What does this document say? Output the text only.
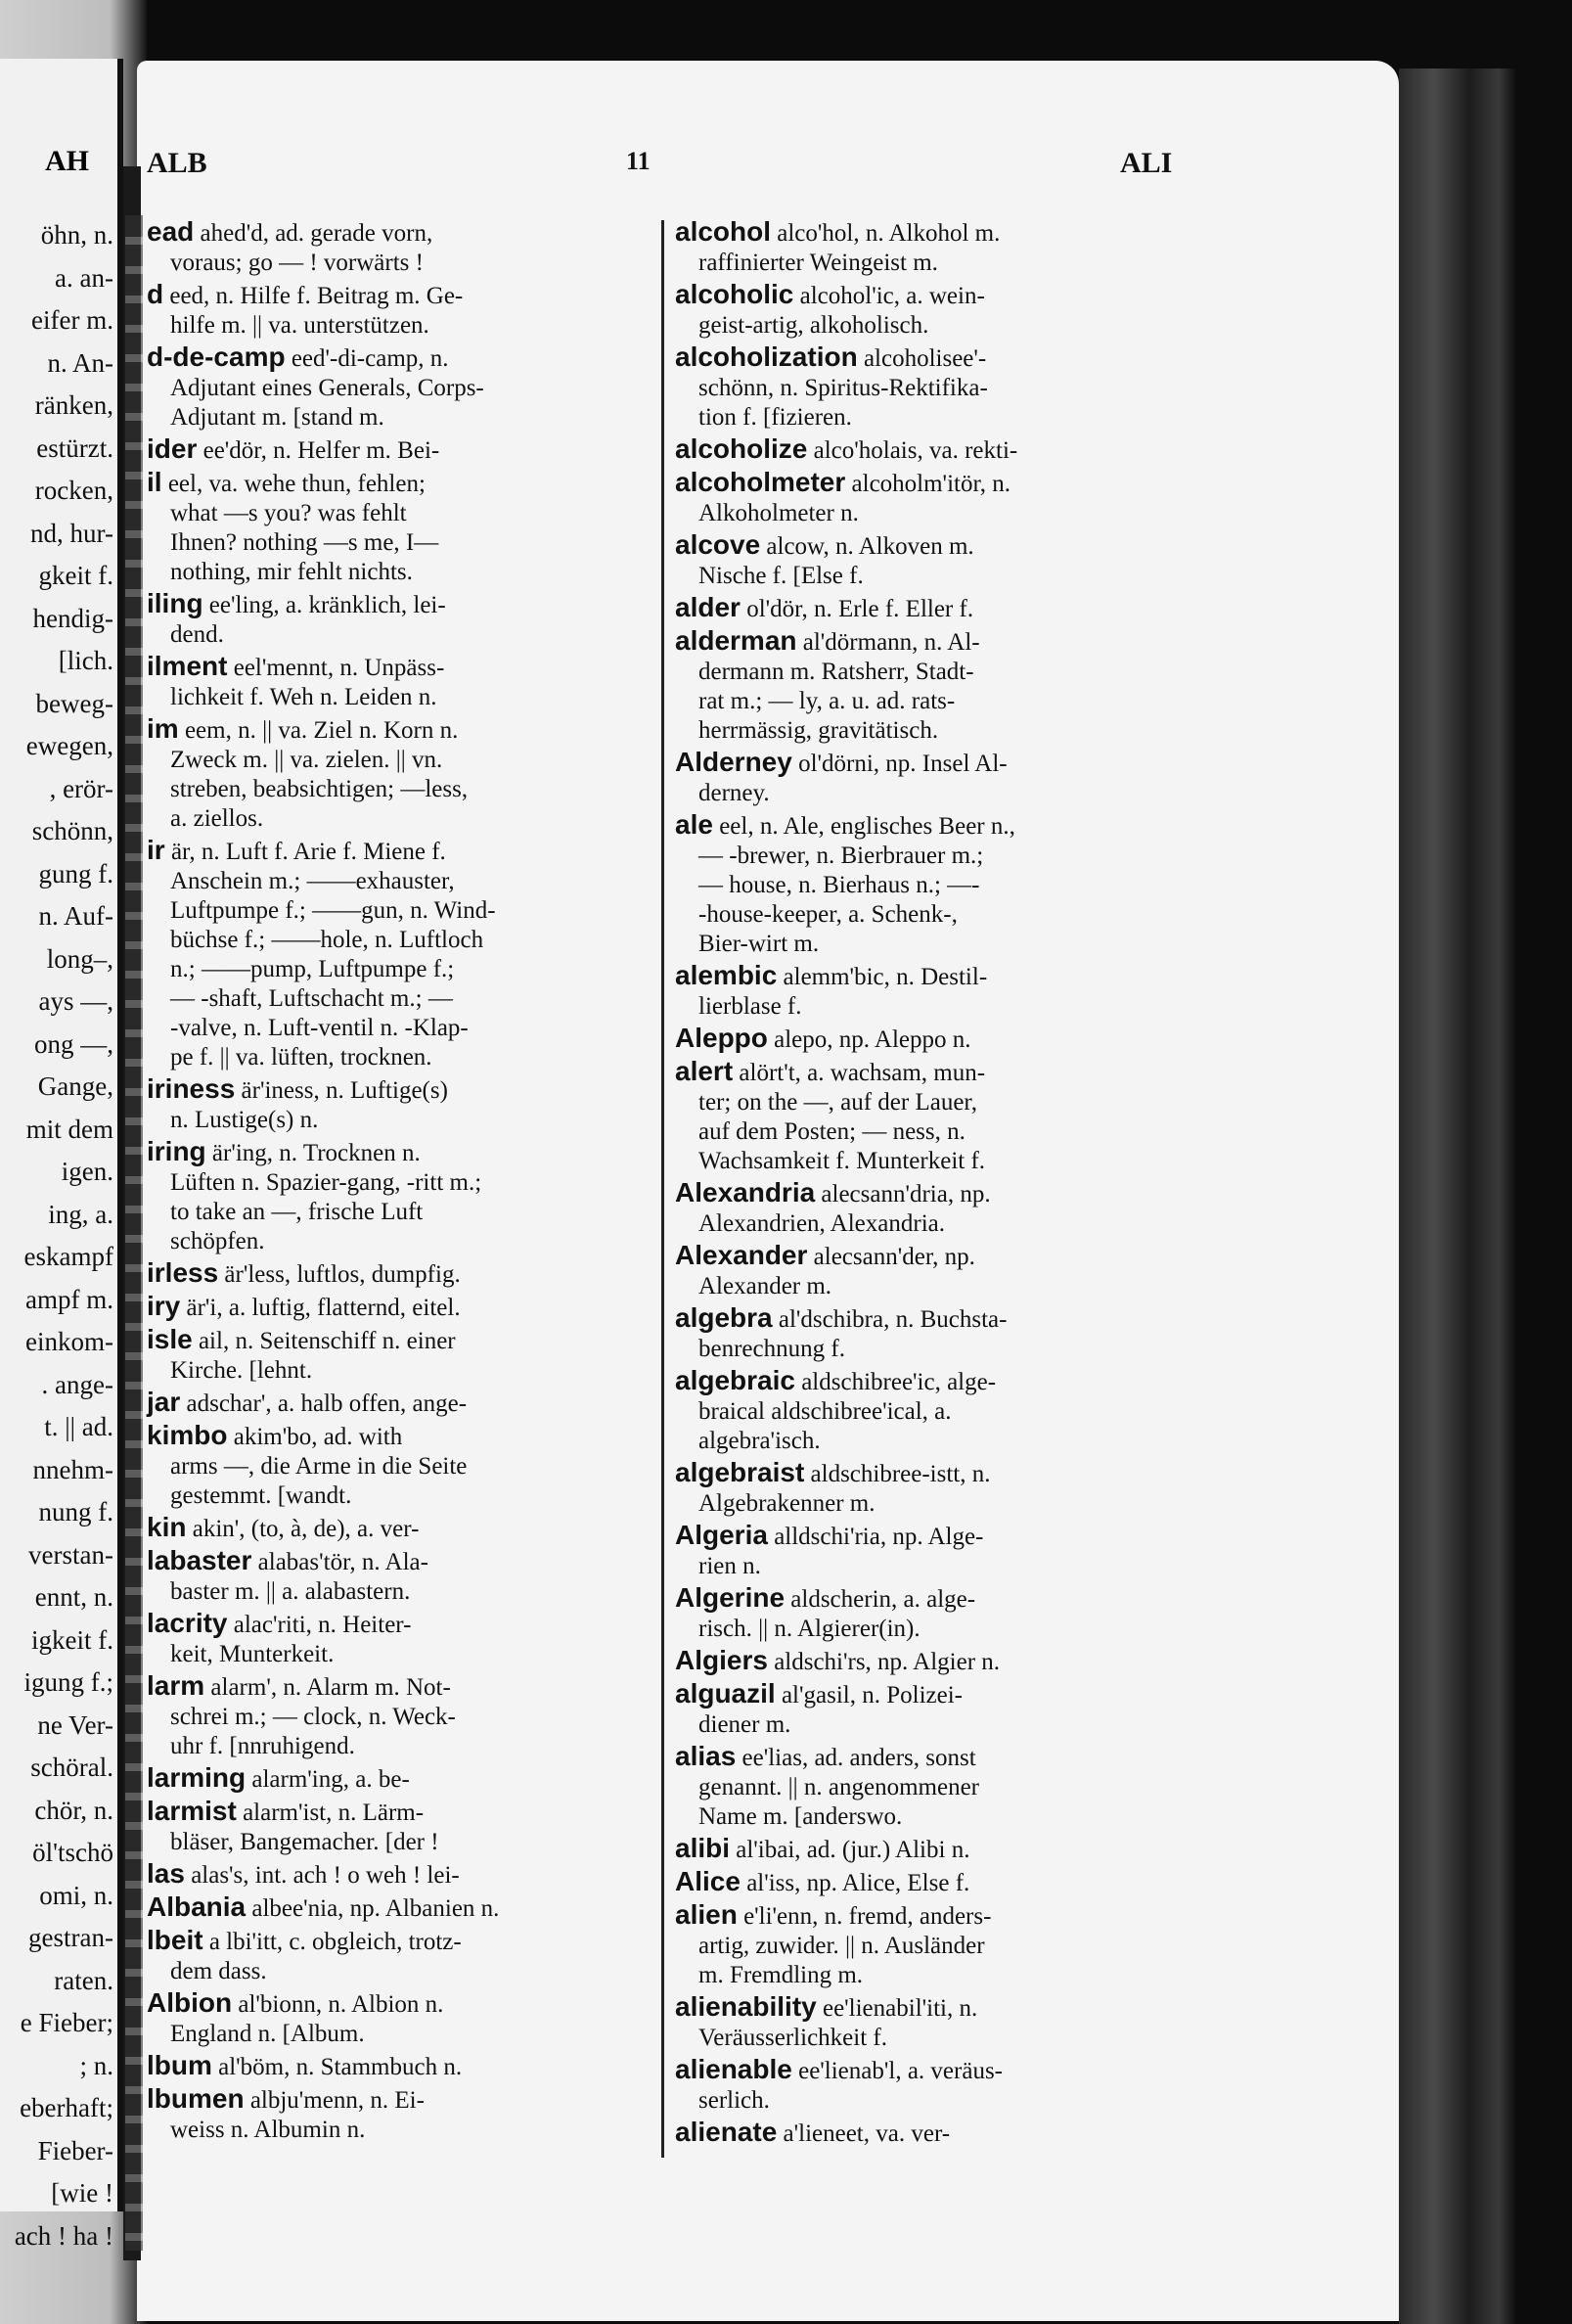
AH
öhn, n.
a. an-
eifer m.
n. An-
ränken,
estürzt.
rocken,
nd, hur-
gkeit f.
hendig-
[lich.
beweg-
ewegen,
, erör-
schönn,
gung f.
n. Auf-
long–,
ays —,
ong —,
Gange,
mit dem
igen.
ing, a.
eskampf
ampf m.
einkom-
. ange-
t. || ad.
nnehm-
nung f.
verstan-
ennt, n.
igkeit f.
igung f.;
ne Ver-
schöral.
chör, n.
öl'tschö
omi, n.
gestran-
raten.
e Fieber;
; n.
eberhaft;
Fieber-
[wie !
ach ! ha !
ALB	11	ALI
ead ahed'd, ad. gerade vorn,
voraus; go — ! vorwärts !
d eed, n. Hilfe f. Beitrag m. Ge-
hilfe m. || va. unterstützen.
d-de-camp eed'-di-camp, n.
Adjutant eines Generals, Corps-
Adjutant m. [stand m.
ider ee'dör, n. Helfer m. Bei-
il eel, va. wehe thun, fehlen;
what —s you? was fehlt
Ihnen? nothing —s me, I—
nothing, mir fehlt nichts.
iling ee'ling, a. kränklich, lei-
dend.
ilment eel'mennt, n. Unpäss-
lichkeit f. Weh n. Leiden n.
im eem, n. || va. Ziel n. Korn n.
Zweck m. || va. zielen. || vn.
streben, beabsichtigen; —less,
a. ziellos.
ir är, n. Luft f. Arie f. Miene f.
Anschein m.; ——exhauster,
Luftpumpe f.; ——gun, n. Wind-
büchse f.; ——hole, n. Luftloch
n.; ——pump, Luftpumpe f.;
— -shaft, Luftschacht m.; —
-valve, n. Luft-ventil n. -Klap-
pe f. || va. lüften, trocknen.
iriness är'iness, n. Luftige(s)
n. Lustige(s) n.
iring är'ing, n. Trocknen n.
Lüften n. Spazier-gang, -ritt m.;
to take an —, frische Luft
schöpfen.
irless är'less, luftlos, dumpfig.
iry är'i, a. luftig, flatternd, eitel.
isle ail, n. Seitenschiff n. einer
Kirche. [lehnt.
jar adschar', a. halb offen, ange-
kimbo akim'bo, ad. with
arms —, die Arme in die Seite
gestemmt. [wandt.
kin akin', (to, à, de), a. ver-
labaster alabas'tör, n. Ala-
baster m. || a. alabastern.
lacrity alac'riti, n. Heiter-
keit, Munterkeit.
larm alarm', n. Alarm m. Not-
schrei m.; — clock, n. Weck-
uhr f. [nnruhigend.
larming alarm'ing, a. be-
larmist alarm'ist, n. Lärm-
bläser, Bangemacher. [der !
las alas's, int. ach ! o weh ! lei-
Albania albee'nia, np. Albanien n.
lbeit a lbi'itt, c. obgleich, trotz-
dem dass.
Albion al'bionn, n. Albion n.
England n. [Album.
lbum al'böm, n. Stammbuch n.
lbumen albju'menn, n. Ei-
weiss n. Albumin n.
alcohol alco'hol, n. Alkohol m.
raffinierter Weingeist m.
alcoholic alcohol'ic, a. wein-
geist-artig, alkoholisch.
alcoholization alcoholisee'-
schönn, n. Spiritus-Rektifika-
tion f. [fizieren.
alcoholize alco'holais, va. rekti-
alcoholmeter alcoholm'itör, n.
Alkoholmeter n.
alcove alcow, n. Alkoven m.
Nische f. [Else f.
alder ol'dör, n. Erle f. Eller f.
alderman al'dörmann, n. Al-
dermann m. Ratsherr, Stadt-
rat m.; — ly, a. u. ad. rats-
herrmässig, gravitätisch.
Alderney ol'dörni, np. Insel Al-
derney.
ale eel, n. Ale, englisches Beer n.,
— -brewer, n. Bierbrauer m.;
— house, n. Bierhaus n.; —-
-house-keeper, a. Schenk-,
Bier-wirt m.
alembic alemm'bic, n. Destil-
lierblase f.
Aleppo alepo, np. Aleppo n.
alert alört't, a. wachsam, mun-
ter; on the —, auf der Lauer,
auf dem Posten; — ness, n.
Wachsamkeit f. Munterkeit f.
Alexandria alecsann'dria, np.
Alexandrien, Alexandria.
Alexander alecsann'der, np.
Alexander m.
algebra al'dschibra, n. Buchsta-
benrechnung f.
algebraic aldschibree'ic, alge-
braical aldschibree'ical, a.
algebra'isch.
algebraist aldschibree-istt, n.
Algebrakenner m.
Algeria alldschi'ria, np. Alge-
rien n.
Algerine aldscherin, a. alge-
risch. || n. Algierer(in).
Algiers aldschi'rs, np. Algier n.
alguazil al'gasil, n. Polizei-
diener m.
alias ee'lias, ad. anders, sonst
genannt. || n. angenommener
Name m. [anderswo.
alibi al'ibai, ad. (jur.) Alibi n.
Alice al'iss, np. Alice, Else f.
alien e'li'enn, n. fremd, anders-
artig, zuwider. || n. Ausländer
m. Fremdling m.
alienability ee'lienabil'iti, n.
Veräusserlichkeit f.
alienable ee'lienab'l, a. veräus-
serlich.
alienate a'lieneet, va. ver-
